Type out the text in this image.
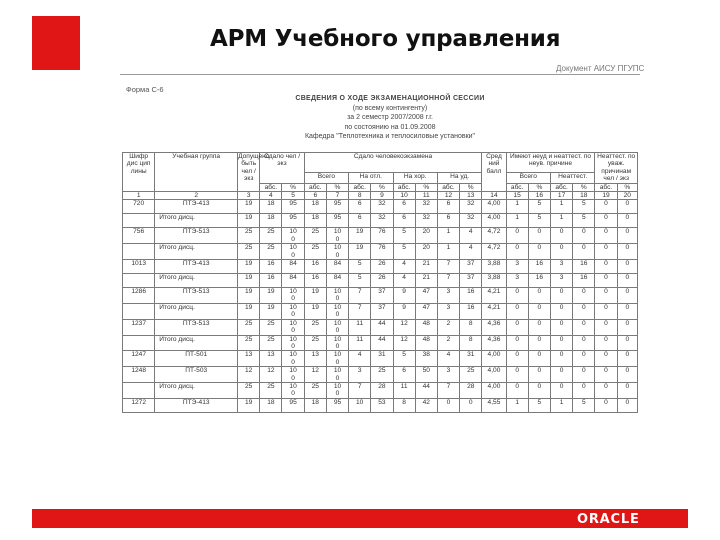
АРМ Учебного управления
Документ АИСУ ПГУПС
Форма С-6
СВЕДЕНИЯ О ХОДЕ ЭКЗАМЕНАЦИОННОЙ СЕССИИ
(по всему контингенту)
за 2 семестр 2007/2008 г.г.
по состоянию на 01.09.2008
Кафедра "Теплотехника и теплосиловые установки"
Шифр дис цип лины	Учебная группа	Допущено быть чел / экз	Сдало чел / экз		Сдало человекоэкзамена								Сред ний балл	Имеют неуд и неаттест. по неув. причине				Неаттест. по уваж. причинам чел / экз	
					Всего		На отл.		На хор.		На уд.			Всего		Неаттест.			
			абс.	%	абс.	%	абс.	%	абс.	%	абс.	%		абс.	%	абс.	%	абс.	%
1	2	3	4	5	6	7	8	9	10	11	12	13	14	15	16	17	18	19	20
720	ПТЭ-413	19	18	95	18	95	6	32	6	32	6	32	4,00	1	5	1	5	0	0
	Итого дисц.	19	18	95	18	95	6	32	6	32	6	32	4,00	1	5	1	5	0	0
756	ПТЭ-513	25	25	10
0	25	10
0	19	76	5	20	1	4	4,72	0	0	0	0	0	0
	Итого дисц.	25	25	10
0	25	10
0	19	76	5	20	1	4	4,72	0	0	0	0	0	0
1013	ПТЭ-413	19	16	84	16	84	5	26	4	21	7	37	3,88	3	16	3	16	0	0
	Итого дисц.	19	16	84	16	84	5	26	4	21	7	37	3,88	3	16	3	16	0	0
1286	ПТЭ-513	19	19	10
0	19	10
0	7	37	9	47	3	16	4,21	0	0	0	0	0	0
	Итого дисц.	19	19	10
0	19	10
0	7	37	9	47	3	16	4,21	0	0	0	0	0	0
1237	ПТЭ-513	25	25	10
0	25	10
0	11	44	12	48	2	8	4,36	0	0	0	0	0	0
	Итого дисц.	25	25	10
0	25	10
0	11	44	12	48	2	8	4,36	0	0	0	0	0	0
1247	ПТ-501	13	13	10
0	13	10
0	4	31	5	38	4	31	4,00	0	0	0	0	0	0
1248	ПТ-503	12	12	10
0	12	10
0	3	25	6	50	3	25	4,00	0	0	0	0	0	0
	Итого дисц.	25	25	10
0	25	10
0	7	28	11	44	7	28	4,00	0	0	0	0	0	0
1272	ПТЭ-413	19	18	95	18	95	10	53	8	42	0	0	4,55	1	5	1	5	0	0
ORACLE
